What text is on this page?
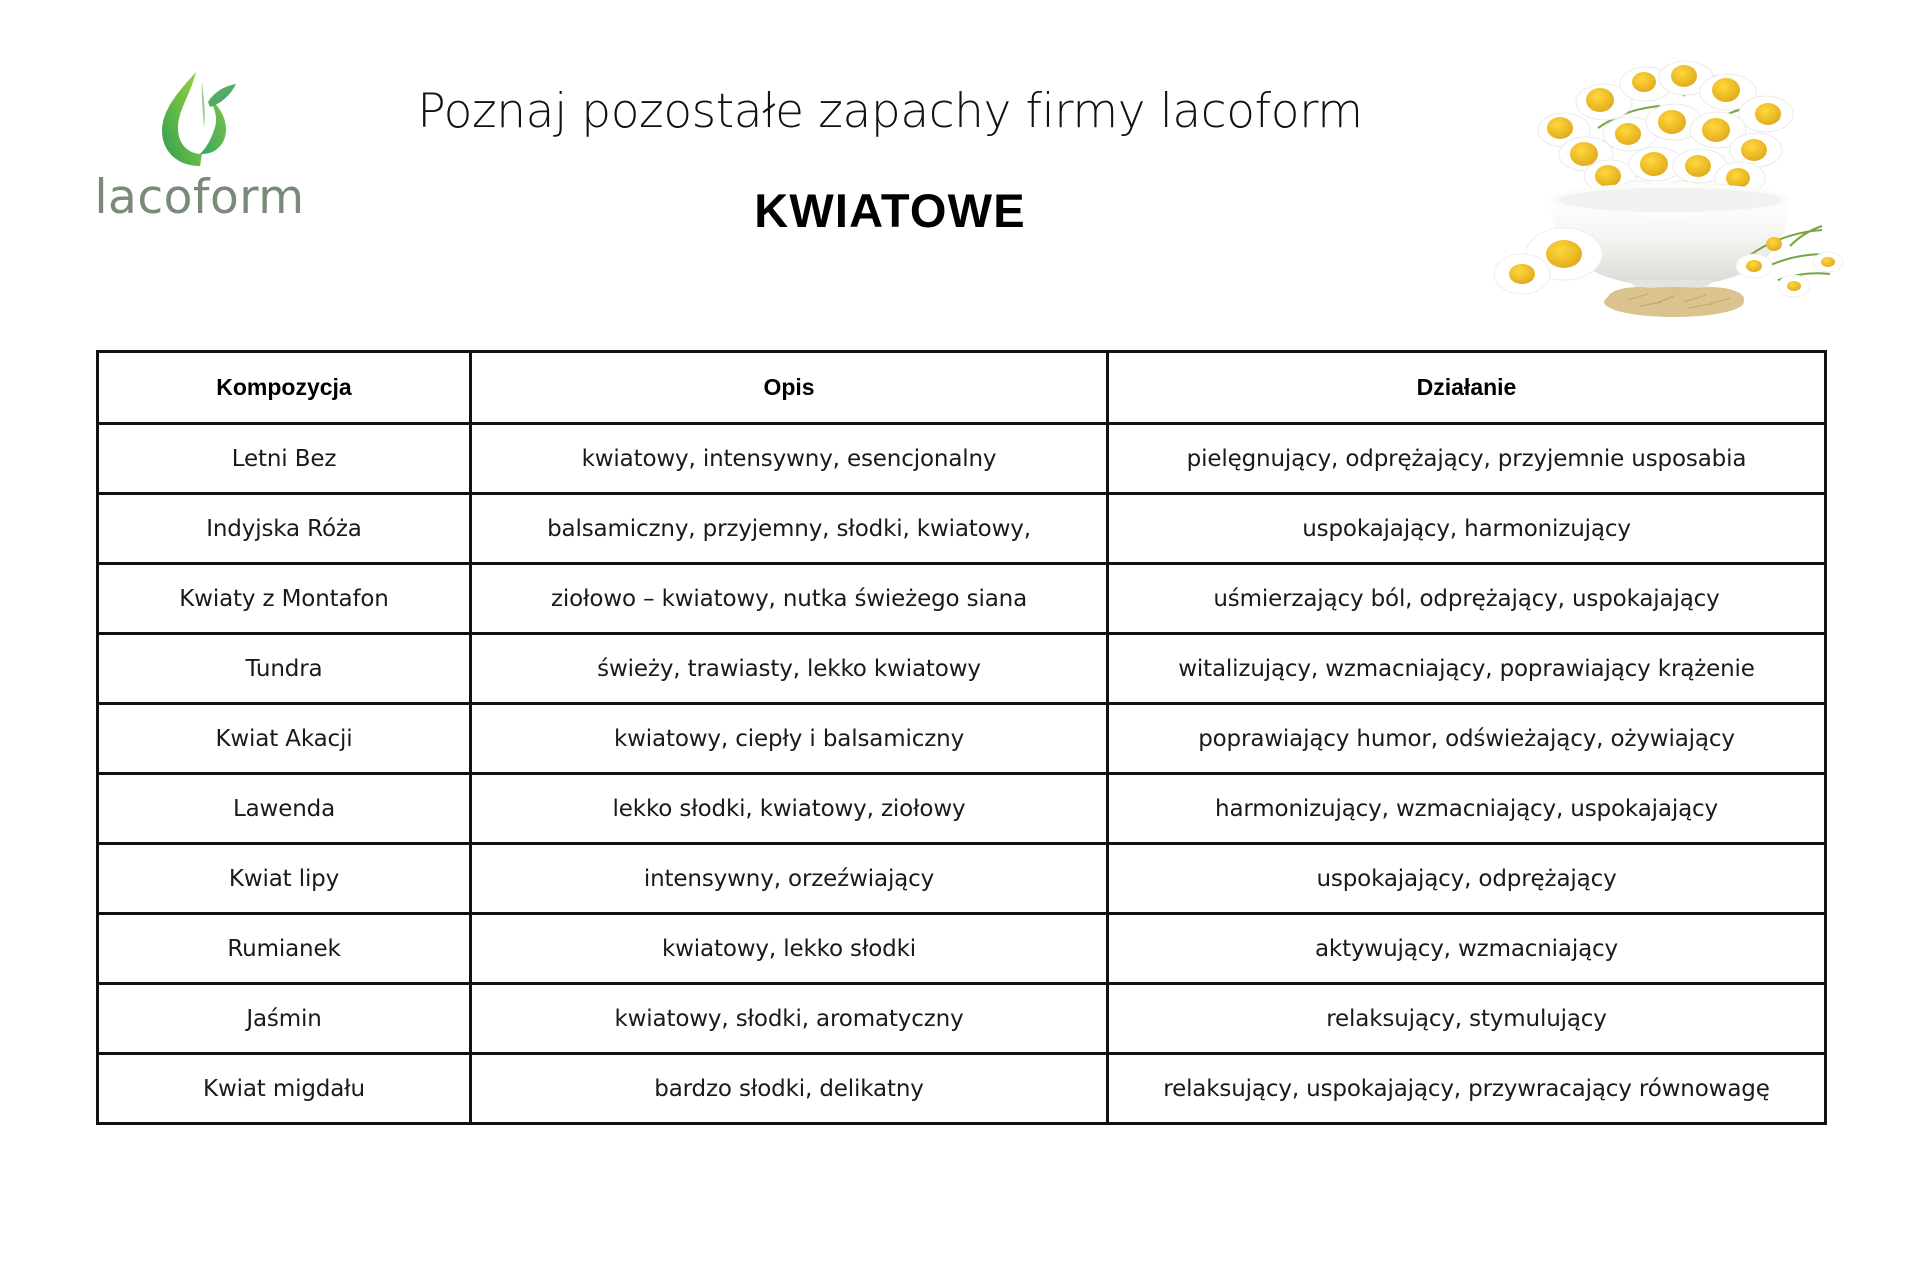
lacoform
Poznaj pozostałe zapachy firmy lacoform
KWIATOWE
Kompozycja	Opis	Działanie
Letni Bez	kwiatowy, intensywny, esencjonalny	pielęgnujący, odprężający, przyjemnie usposabia
Indyjska Róża	balsamiczny, przyjemny, słodki, kwiatowy,	uspokajający, harmonizujący
Kwiaty z Montafon	ziołowo – kwiatowy, nutka świeżego siana	uśmierzający ból, odprężający, uspokajający
Tundra	świeży, trawiasty, lekko kwiatowy	witalizujący, wzmacniający, poprawiający krążenie
Kwiat Akacji	kwiatowy, ciepły i balsamiczny	poprawiający humor, odświeżający, ożywiający
Lawenda	lekko słodki, kwiatowy, ziołowy	harmonizujący, wzmacniający, uspokajający
Kwiat lipy	intensywny, orzeźwiający	uspokajający, odprężający
Rumianek	kwiatowy, lekko słodki	aktywujący, wzmacniający
Jaśmin	kwiatowy, słodki, aromatyczny	relaksujący, stymulujący
Kwiat migdału	bardzo słodki, delikatny	relaksujący, uspokajający, przywracający równowagę
